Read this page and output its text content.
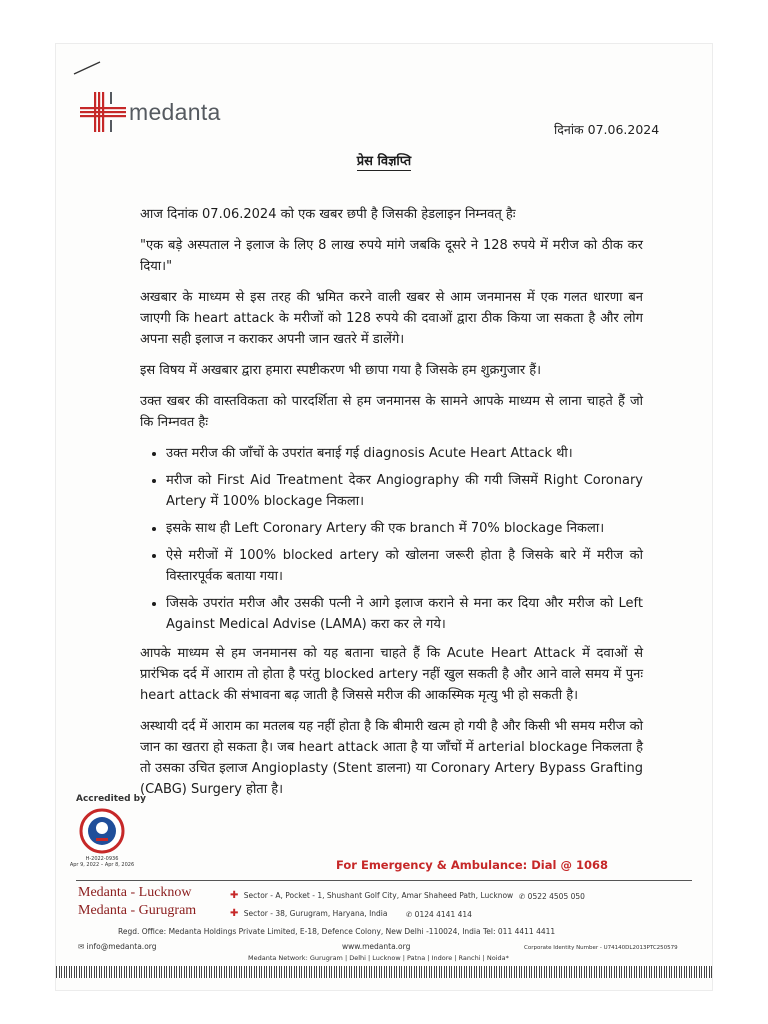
medanta
दिनांक 07.06.2024
प्रेस विज्ञप्ति

आज दिनांक 07.06.2024 को एक खबर छपी है जिसकी हेडलाइन निम्नवत् हैः

"एक बड़े अस्पताल ने इलाज के लिए 8 लाख रुपये मांगे जबकि दूसरे ने 128 रुपये में मरीज को ठीक कर दिया।"

अखबार के माध्यम से इस तरह की भ्रमित करने वाली खबर से आम जनमानस में एक गलत धारणा बन जाएगी कि heart attack के मरीजों को 128 रुपये की दवाओं द्वारा ठीक किया जा सकता है और लोग अपना सही इलाज न कराकर अपनी जान खतरे में डालेंगे।

इस विषय में अखबार द्वारा हमारा स्पष्टीकरण भी छापा गया है जिसके हम शुक्रगुजार हैं।

उक्त खबर की वास्तविकता को पारदर्शिता से हम जनमानस के सामने आपके माध्यम से लाना चाहते हैं जो कि निम्नवत हैः

• उक्त मरीज की जाँचों के उपरांत बनाई गई diagnosis Acute Heart Attack थी।
• मरीज को First Aid Treatment देकर Angiography की गयी जिसमें Right Coronary Artery में 100% blockage निकला।
• इसके साथ ही Left Coronary Artery की एक branch में 70% blockage निकला।
• ऐसे मरीजों में 100% blocked artery को खोलना जरूरी होता है जिसके बारे में मरीज को विस्तारपूर्वक बताया गया।
• जिसके उपरांत मरीज और उसकी पत्नी ने आगे इलाज कराने से मना कर दिया और मरीज को Left Against Medical Advise (LAMA) करा कर ले गये।

आपके माध्यम से हम जनमानस को यह बताना चाहते हैं कि Acute Heart Attack में दवाओं से प्रारंभिक दर्द में आराम तो होता है परंतु blocked artery नहीं खुल सकती है और आने वाले समय में पुनः heart attack की संभावना बढ़ जाती है जिससे मरीज की आकस्मिक मृत्यु भी हो सकती है।

अस्थायी दर्द में आराम का मतलब यह नहीं होता है कि बीमारी खत्म हो गयी है और किसी भी समय मरीज को जान का खतरा हो सकता है। जब heart attack आता है या जाँचों में arterial blockage निकलता है तो उसका उचित इलाज Angioplasty (Stent डालना) या Coronary Artery Bypass Grafting (CABG) Surgery होता है।

Accredited by
H-2022-0936
Apr 9, 2022 – Apr 8, 2026	For Emergency & Ambulance: Dial @ 1068
Medanta - Lucknow
Medanta - Gurugram
✚ Sector - A, Pocket - 1, Shushant Golf City, Amar Shaheed Path, Lucknow ✆ 0522 4505 050
✚ Sector - 38, Gurugram, Haryana, India ✆ 0124 4141 414
Regd. Office: Medanta Holdings Private Limited, E-18, Defence Colony, New Delhi -110024, India Tel: 011 4411 4411
✉ info@medanta.org	www.medanta.org	Corporate Identity Number - U74140DL2013PTC250579
Medanta Network: Gurugram | Delhi | Lucknow | Patna | Indore | Ranchi | Noida*
